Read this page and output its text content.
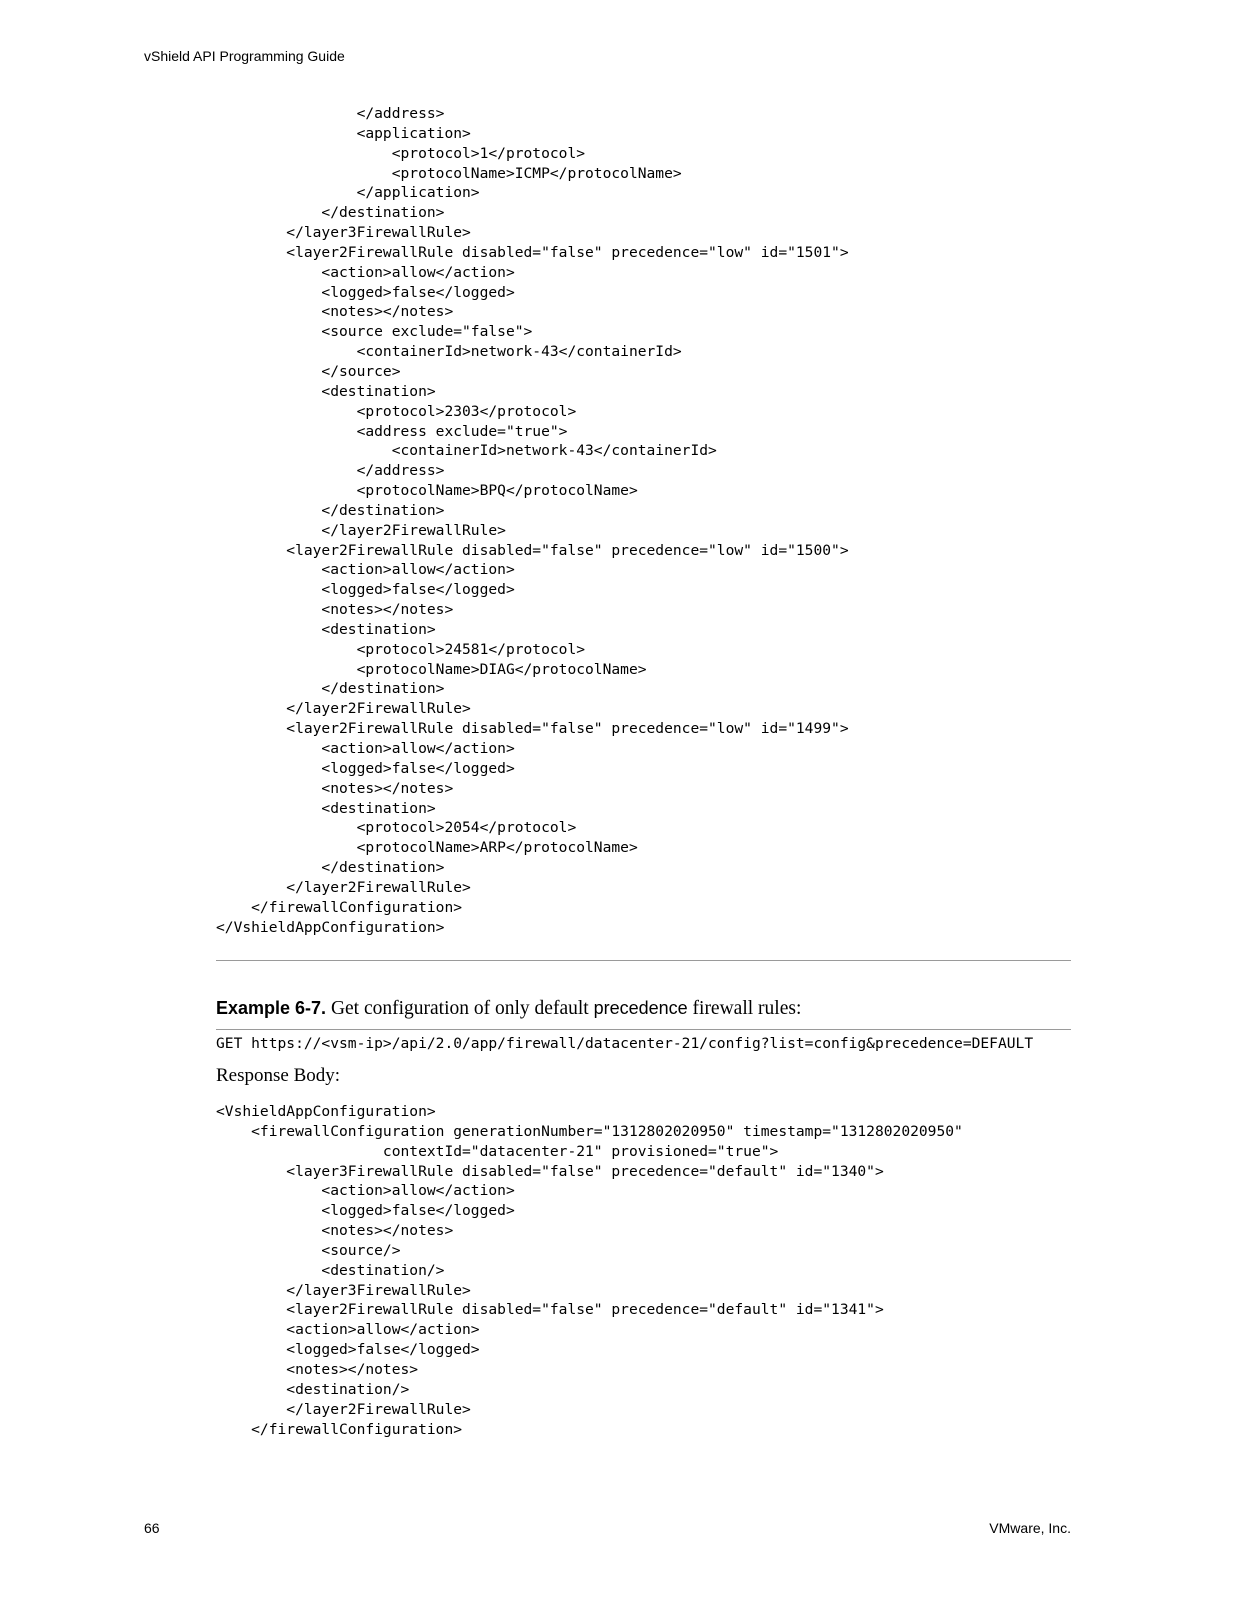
vShield API Programming Guide
</address>
<application>
<protocol>1</protocol>
<protocolName>ICMP</protocolName>
</application>
</destination>
</layer3FirewallRule>
<layer2FirewallRule disabled="false" precedence="low" id="1501">
<action>allow</action>
<logged>false</logged>
<notes></notes>
<source exclude="false">
<containerId>network-43</containerId>
</source>
<destination>
<protocol>2303</protocol>
<address exclude="true">
<containerId>network-43</containerId>
</address>
<protocolName>BPQ</protocolName>
</destination>
</layer2FirewallRule>
<layer2FirewallRule disabled="false" precedence="low" id="1500">
<action>allow</action>
<logged>false</logged>
<notes></notes>
<destination>
<protocol>24581</protocol>
<protocolName>DIAG</protocolName>
</destination>
</layer2FirewallRule>
<layer2FirewallRule disabled="false" precedence="low" id="1499">
<action>allow</action>
<logged>false</logged>
<notes></notes>
<destination>
<protocol>2054</protocol>
<protocolName>ARP</protocolName>
</destination>
</layer2FirewallRule>
</firewallConfiguration>
</VshieldAppConfiguration>
Example 6-7. Get configuration of only default precedence firewall rules:
GET https://<vsm-ip>/api/2.0/app/firewall/datacenter-21/config?list=config&precedence=DEFAULT
Response Body:
<VshieldAppConfiguration>
<firewallConfiguration generationNumber="1312802020950" timestamp="1312802020950"
contextId="datacenter-21" provisioned="true">
<layer3FirewallRule disabled="false" precedence="default" id="1340">
<action>allow</action>
<logged>false</logged>
<notes></notes>
<source/>
<destination/>
</layer3FirewallRule>
<layer2FirewallRule disabled="false" precedence="default" id="1341">
<action>allow</action>
<logged>false</logged>
<notes></notes>
<destination/>
</layer2FirewallRule>
</firewallConfiguration>
66	VMware, Inc.
